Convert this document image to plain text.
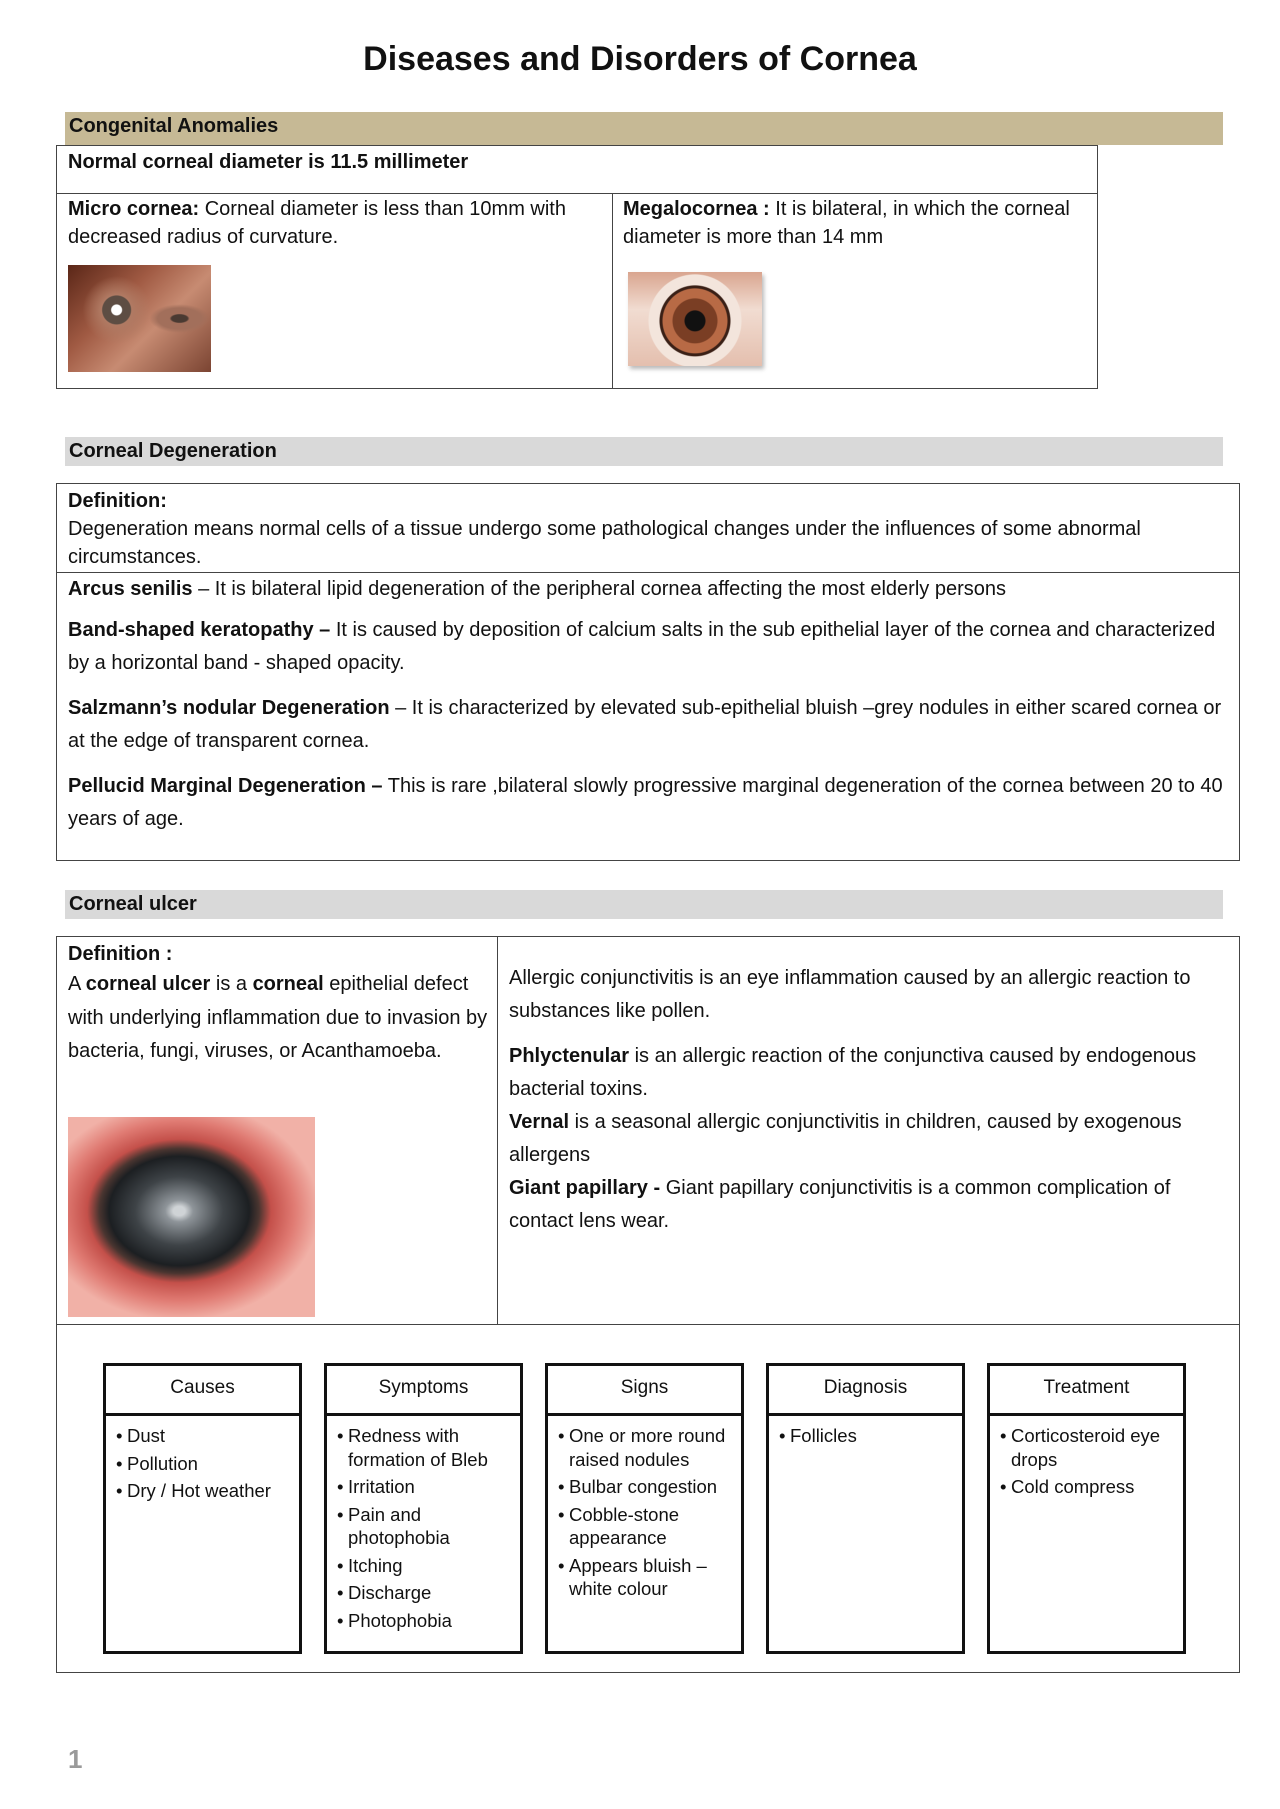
Diseases and Disorders of Cornea
Congenital Anomalies
Normal corneal diameter is 11.5 millimeter
Micro cornea: Corneal diameter is less than 10mm with decreased radius of curvature.
Megalocornea : It is bilateral, in which the corneal diameter is more than 14 mm
Corneal Degeneration
Definition:
Degeneration means normal cells of a tissue undergo some pathological changes under the influences of some abnormal circumstances.

Arcus senilis – It is bilateral lipid degeneration of the peripheral cornea affecting the most elderly persons

Band-shaped keratopathy – It is caused by deposition of calcium salts in the sub epithelial layer of the cornea and characterized by a horizontal band - shaped opacity.

Salzmann’s nodular Degeneration – It is characterized by elevated sub-epithelial bluish –grey nodules in either scared cornea or at the edge of transparent cornea.

Pellucid Marginal Degeneration – This is rare ,bilateral slowly progressive marginal degeneration of the cornea between 20 to 40 years of age.

Corneal ulcer
Definition :
A corneal ulcer is a corneal epithelial defect with underlying inflammation due to invasion by bacteria, fungi, viruses, or Acanthamoeba.

Allergic conjunctivitis is an eye inflammation caused by an allergic reaction to substances like pollen.

Phlyctenular is an allergic reaction of the conjunctiva caused by endogenous bacterial toxins.

Vernal is a seasonal allergic conjunctivitis in children, caused by exogenous allergens

Giant papillary - Giant papillary conjunctivitis is a common complication of contact lens wear.

Causes
• Dust
• Pollution
• Dry / Hot weather
Symptoms
• Redness with formation of Bleb
• Irritation
• Pain and photophobia
• Itching
• Discharge
• Photophobia
Signs
• One or more round raised nodules
• Bulbar congestion
• Cobble-stone appearance
• Appears bluish – white colour
Diagnosis
• Follicles
Treatment
• Corticosteroid eye drops
• Cold compress
1
